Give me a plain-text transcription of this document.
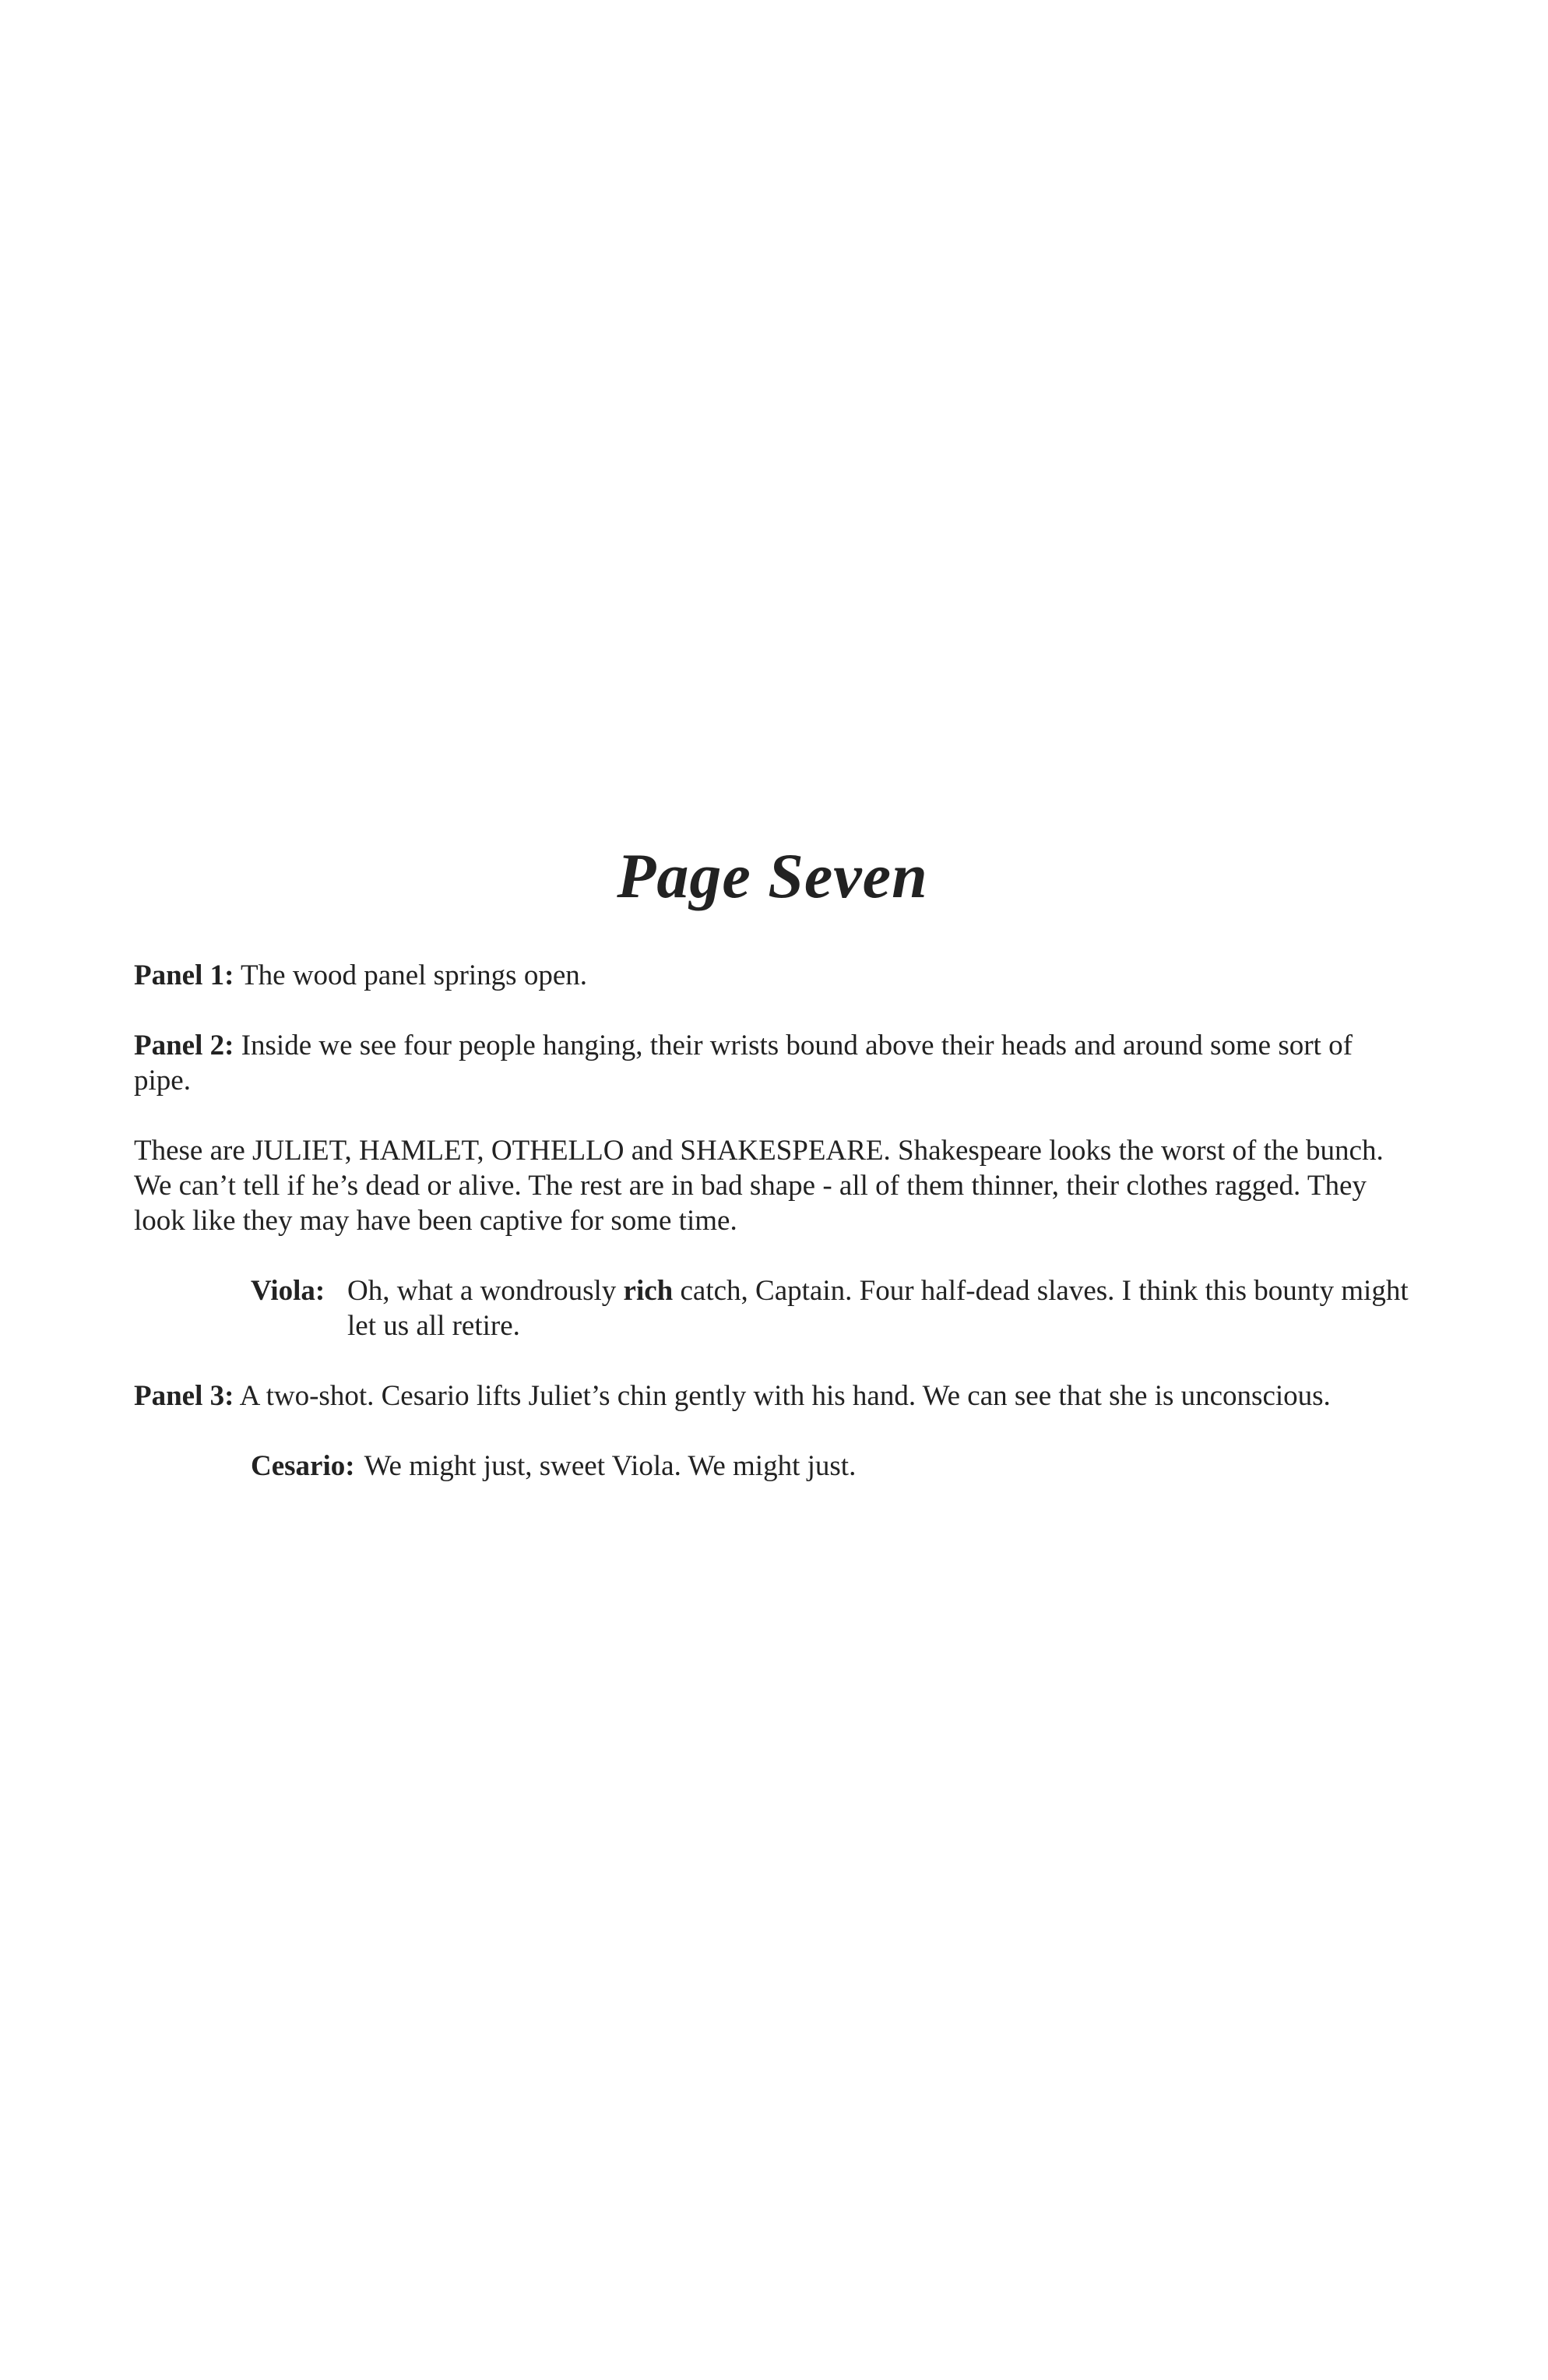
Page Seven

Panel 1: The wood panel springs open.

Panel 2: Inside we see four people hanging, their wrists bound above their heads and around some sort of pipe.

These are JULIET, HAMLET, OTHELLO and SHAKESPEARE. Shakespeare looks the worst of the bunch. We can’t tell if he’s dead or alive. The rest are in bad shape - all of them thinner, their clothes ragged. They look like they may have been captive for some time.

Viola: Oh, what a wondrously rich catch, Captain. Four half-dead slaves. I think this bounty might let us all retire.

Panel 3: A two-shot. Cesario lifts Juliet’s chin gently with his hand. We can see that she is unconscious.

Cesario: We might just, sweet Viola. We might just.
